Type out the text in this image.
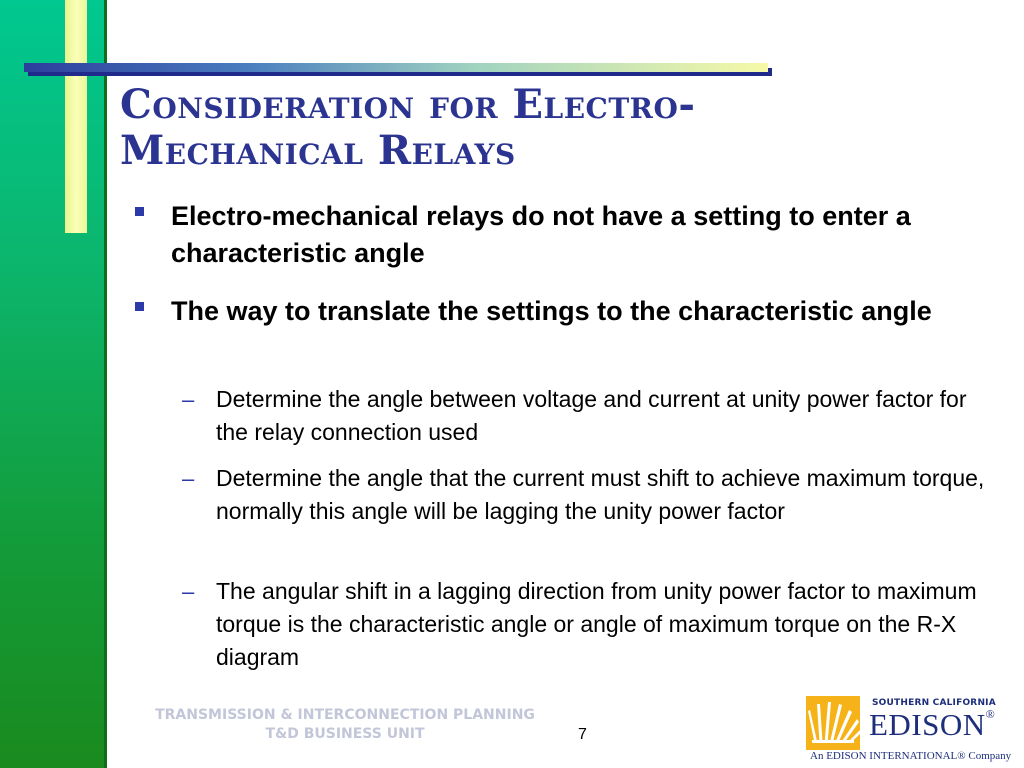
Consideration for Electro-Mechanical Relays
Electro-mechanical relays do not have a setting to enter a characteristic angle
The way to translate the settings to the characteristic angle
– Determine the angle between voltage and current at unity power factor for the relay connection used
– Determine the angle that the current must shift to achieve maximum torque, normally this angle will be lagging the unity power factor
– The angular shift in a lagging direction from unity power factor to maximum torque is the characteristic angle or angle of maximum torque on the R-X diagram
TRANSMISSION & INTERCONNECTION PLANNING
T&D BUSINESS UNIT	7
SOUTHERN CALIFORNIA
EDISON®
An EDISON INTERNATIONAL® Company
